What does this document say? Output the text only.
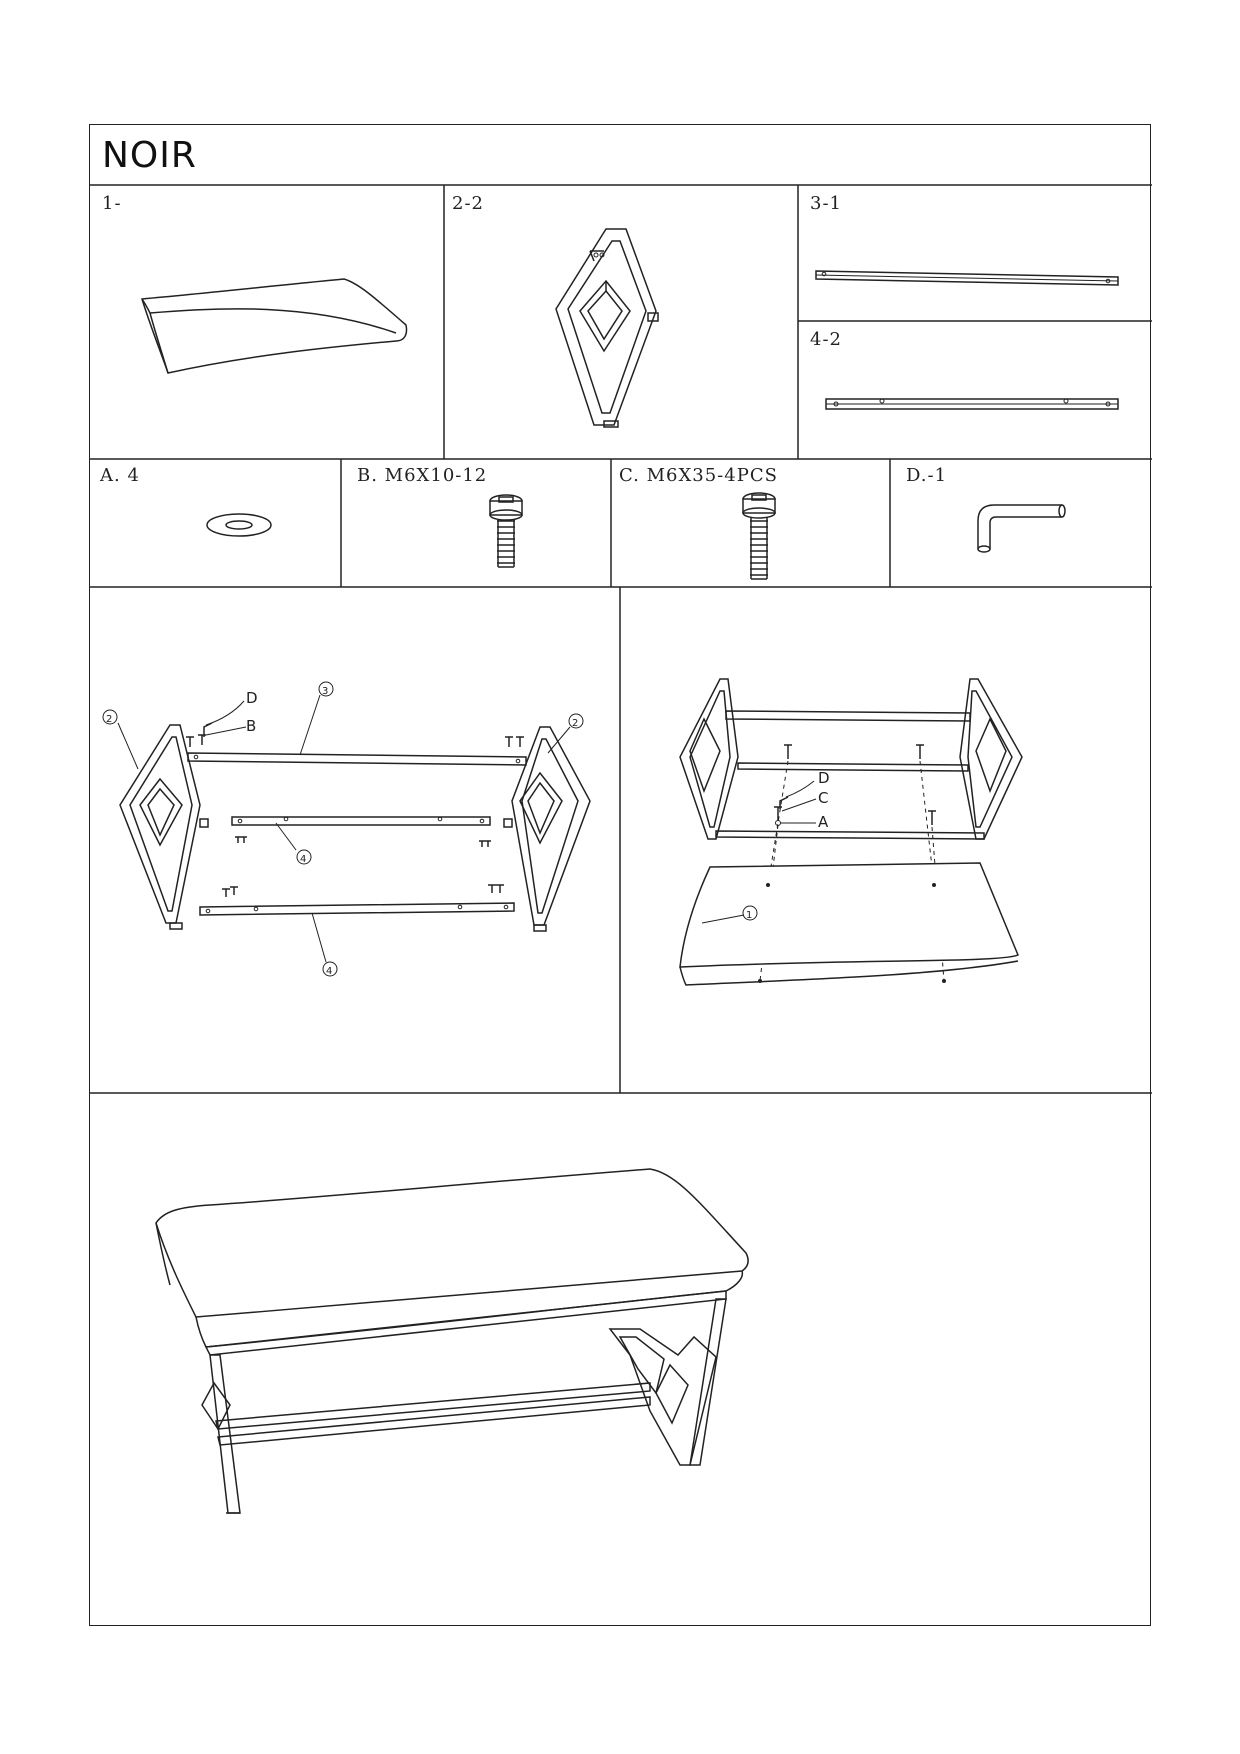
NOIR
1-	2-2	3-1
4-2
A. 4	B. M6X10-12	C. M6X35-4PCS	D.-1
D
B
3
2	2
4
4
D
C
A
1
